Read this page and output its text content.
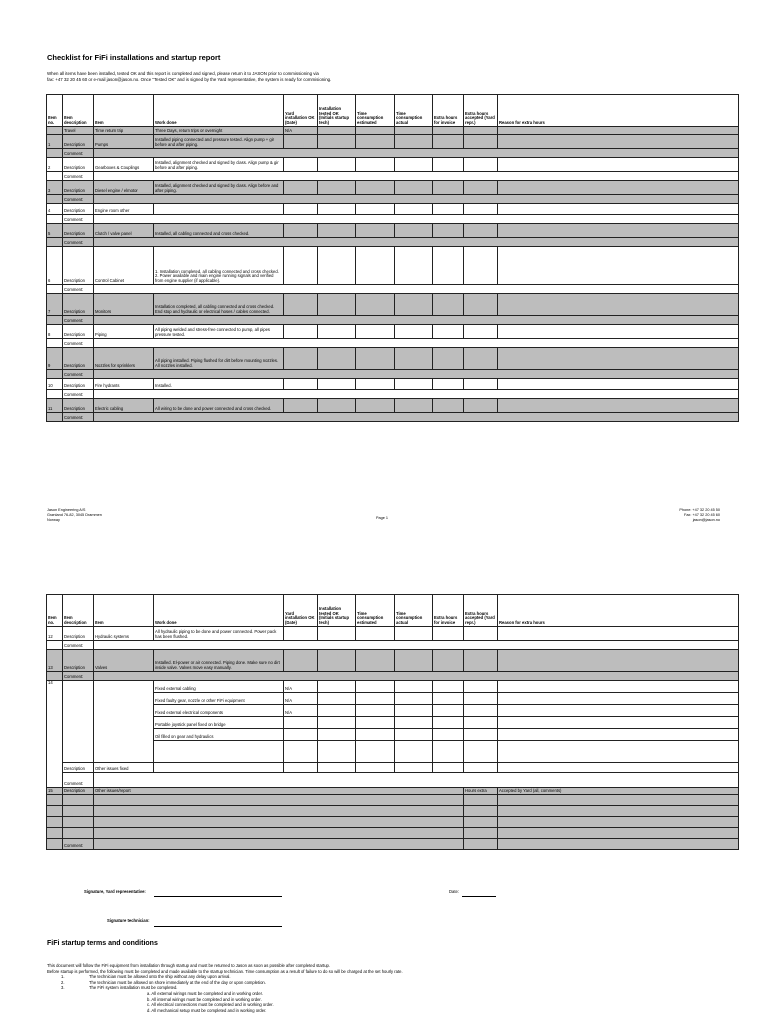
Checklist for FiFi installations and startup report
When all items have been installed, tested OK and this report is completed and signed, please return it to JASON prior to commissioning via
fax: +47 32 20 45 60 or e-mail jason@jason.no. Once "Tested OK" and is signed by the Yard representative, the system is ready for commisioning.
Item no.	Item description	Item	Work done	Yard installation OK (Date)	Installation tested OK (Initials startup tech)	Time consumption estimated	Time consumption actual	Extra hours for invoice	Extra hours accepted (Yard repr.)	Reason for extra hours
	Travel	Time return trip	Three Days, return trips or overnight	N/A						
1	Description	Pumps	Installed piping connected and pressure tested. Align pump + gir before and after piping.							
	Comment:									
2	Description	Gearboxes & Couplings	Installed, alignment checked and signed by class. Align pump & gir before and after piping.							
	Comment:									
3	Description	Diesel engine / elmotor	Installed, alignment checked and signed by class. Align before and after piping.							
	Comment:									
4	Description	Engine room other								
	Comment:									
5	Description	Clutch / valve panel	Installed, all cabling connected and cross checked.							
	Comment:									
6	Description	Control Cabinet	1. Installation completed, all cabling connected and cross checked. 2. Power available and main engine running signals and verified from engine supplier (if applicable).							
	Comment:									
7	Description	Monitors	Installation completed, all cabling connected and cross checked. End stop and hydraulic or electrical hoses / cables connected.							
	Comment:									
8	Description	Piping	All piping welded and stress-free connected to pump, all pipes pressure tested.							
	Comment:									
9	Description	Nozzles for sprinklers	All piping installed. Piping flushed for dirt before mounting nozzles. All nozzles installed.							
	Comment:									
10	Description	Fire hydrants	Installed.							
	Comment:									
11	Description	Electric cabling	All wiring to be done and power connected and cross checked.							
	Comment:									
Jason Engineering A/S
Grønland 76-82, 3045 Drammen
Norway	Page 1
Phone: +47 32 20 45 50
Fax: +47 32 20 45 60
jason@jason.no
Item no.	Item description	Item	Work done	Yard installation OK (Date)	Installation tested OK (Initials startup tech)	Time consumption estimated	Time consumption actual	Extra hours for invoice	Extra hours accepted (Yard repr.)	Reason for extra hours
12	Description	Hydraulic systems	All hydraulic piping to be done and power connected. Power pack has been flushed.							
	Comment:									
13	Description	Valves	Installed. El-power or air connected. Piping done. Make sure no dirt inside valve. Valves move easy manually.							
	Comment:									
14			Fixed external cabling	N/A						
			Fixed faulty gear, nozzle or other FiFi equipment	N/A						
			Fixed external electrical components	N/A						
			Portable joystick panel fixed on bridge							
			Oil filled on gear and hydraulics							

	Description	Other issues fixed								
	Comment:									
15	Description	Other issues/report							Hours extra	Accepted by Yard (all, comments)

	Comment:									
Signature, Yard representative:	Date:
Signature technician:
FiFi startup terms and conditions
This document will follow the FiFi equipment from installation through startup and must be returned to Jason as soon as possible after completed startup.
Before startup is performed, the following must be completed and made available to the startup technician. Time consumption as a result of failure to do so will be charged at the set hourly rate.
1.	The technician must be allowed onto the ship without any delay upon arrival.
2.	The technician must be allowed on shore immediately at the end of the day or upon completion.
3.	The FiFi system installation must be completed.
a. All external wirings must be completed and in working order.
b. All internal wirings must be completed and in working order.
c. All electrical connections must be completed and in working order.
d. All mechanical setup must be completed and in working order.
